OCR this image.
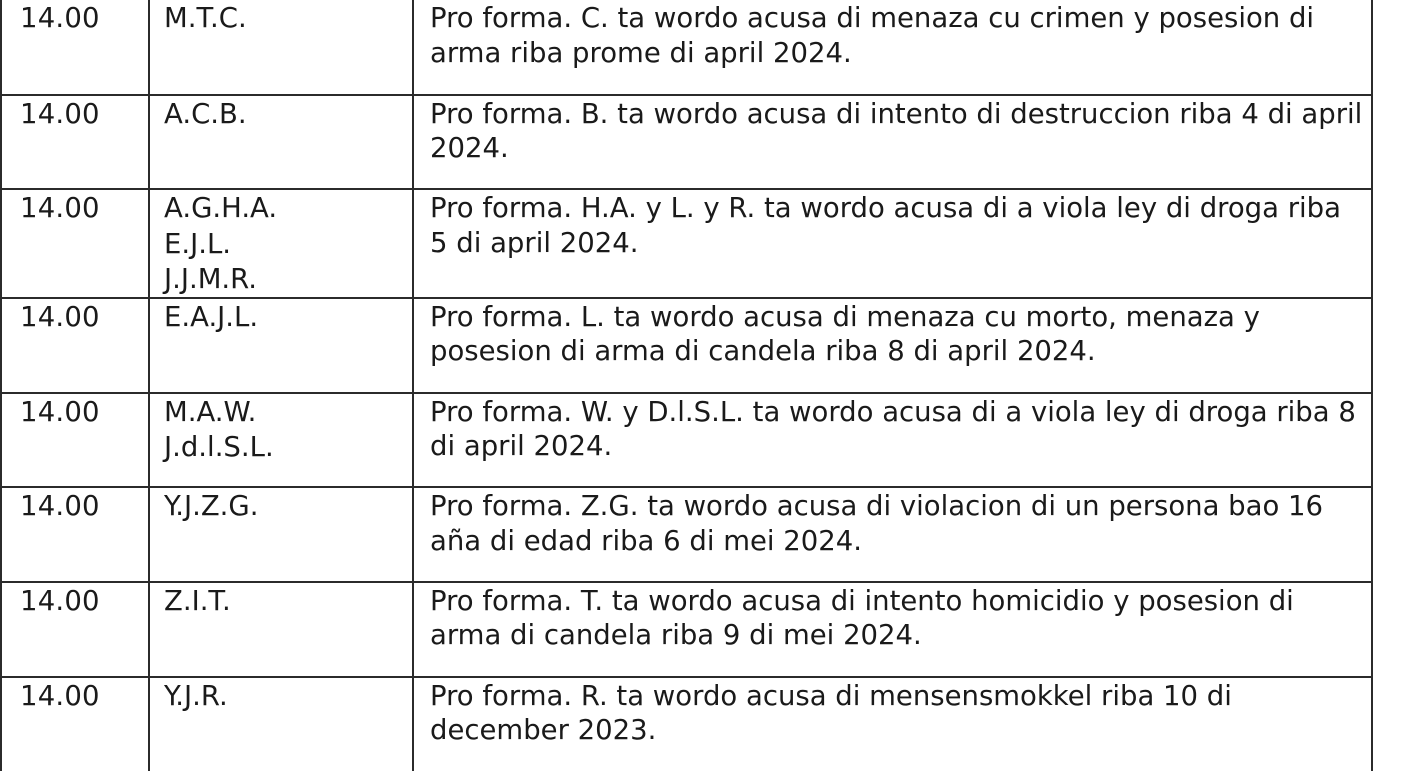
14.00	M.T.C.	Pro forma. C. ta wordo acusa di menaza cu crimen y posesion di arma riba prome di april 2024.

14.00	A.C.B.	Pro forma. B. ta wordo acusa di intento di destruccion riba 4 di april 2024.

14.00	A.G.H.A.
E.J.L.
J.J.M.R.	Pro forma. H.A. y L. y R. ta wordo acusa di a viola ley di droga riba 5 di april 2024.

14.00	E.A.J.L.	Pro forma. L. ta wordo acusa di menaza cu morto, menaza y posesion di arma di candela riba 8 di april 2024.

14.00	M.A.W.
J.d.l.S.L.	Pro forma. W. y D.l.S.L. ta wordo acusa di a viola ley di droga riba 8 di april 2024.

14.00	Y.J.Z.G.	Pro forma. Z.G. ta wordo acusa di violacion di un persona bao 16 aña di edad riba 6 di mei 2024.

14.00	Z.I.T.	Pro forma. T. ta wordo acusa di intento homicidio y posesion di arma di candela riba 9 di mei 2024.

14.00	Y.J.R.	Pro forma. R. ta wordo acusa di mensensmokkel riba 10 di december 2023.
